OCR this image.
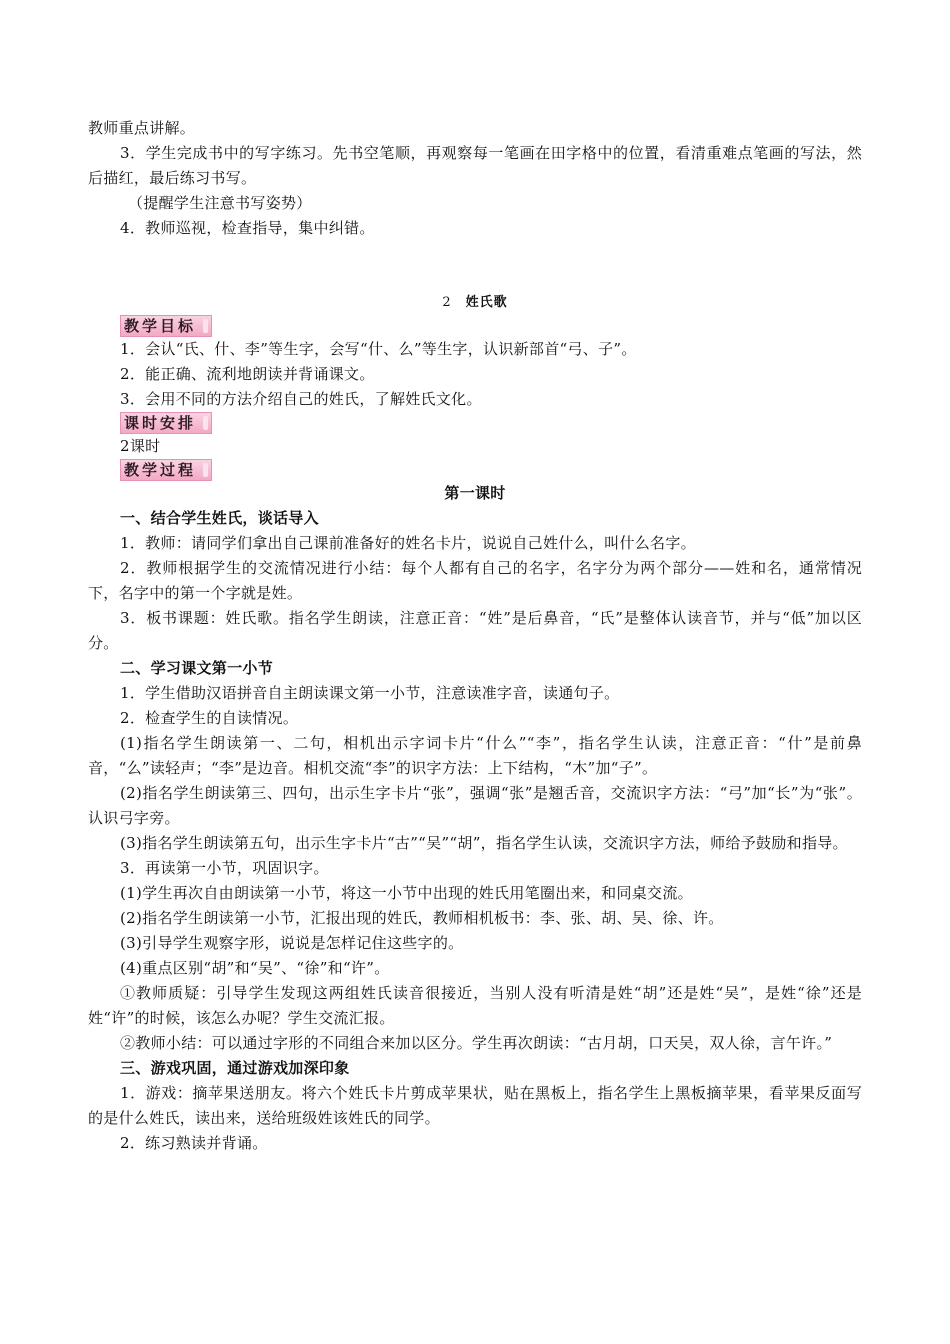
教师重点讲解。

3．学生完成书中的写字练习。先书空笔顺，再观察每一笔画在田字格中的位置，看清重难点笔画的写法，然后描红，最后练习书写。

（提醒学生注意书写姿势）

4．教师巡视，检查指导，集中纠错。

2 姓氏歌
教学目标

1．会认“氏、什、李”等生字，会写“什、么”等生字，认识新部首“弓、子”。

2．能正确、流利地朗读并背诵课文。

3．会用不同的方法介绍自己的姓氏，了解姓氏文化。

课时安排

2课时

教学过程

第一课时

一、结合学生姓氏，谈话导入

1．教师：请同学们拿出自己课前准备好的姓名卡片，说说自己姓什么，叫什么名字。

2．教师根据学生的交流情况进行小结：每个人都有自己的名字，名字分为两个部分——姓和名，通常情况下，名字中的第一个字就是姓。

3．板书课题：姓氏歌。指名学生朗读，注意正音：“姓”是后鼻音，“氏”是整体认读音节，并与“低”加以区分。

二、学习课文第一小节

1．学生借助汉语拼音自主朗读课文第一小节，注意读准字音，读通句子。

2．检查学生的自读情况。

(1)指名学生朗读第一、二句，相机出示字词卡片“什么”“李”，指名学生认读，注意正音：“什”是前鼻音，“么”读轻声；“李”是边音。相机交流“李”的识字方法：上下结构，“木”加“子”。

(2)指名学生朗读第三、四句，出示生字卡片“张”，强调“张”是翘舌音，交流识字方法：“弓”加“长”为“张”。认识弓字旁。

(3)指名学生朗读第五句，出示生字卡片“古”“吴”“胡”，指名学生认读，交流识字方法，师给予鼓励和指导。

3．再读第一小节，巩固识字。

(1)学生再次自由朗读第一小节，将这一小节中出现的姓氏用笔圈出来，和同桌交流。

(2)指名学生朗读第一小节，汇报出现的姓氏，教师相机板书：李、张、胡、吴、徐、许。

(3)引导学生观察字形，说说是怎样记住这些字的。

(4)重点区别“胡”和“吴”、“徐”和“许”。

①教师质疑：引导学生发现这两组姓氏读音很接近，当别人没有听清是姓“胡”还是姓“吴”，是姓“徐”还是姓“许”的时候，该怎么办呢？学生交流汇报。

②教师小结：可以通过字形的不同组合来加以区分。学生再次朗读：“古月胡，口天吴，双人徐，言午许。”

三、游戏巩固，通过游戏加深印象

1．游戏：摘苹果送朋友。将六个姓氏卡片剪成苹果状，贴在黑板上，指名学生上黑板摘苹果，看苹果反面写的是什么姓氏，读出来，送给班级姓该姓氏的同学。

2．练习熟读并背诵。
